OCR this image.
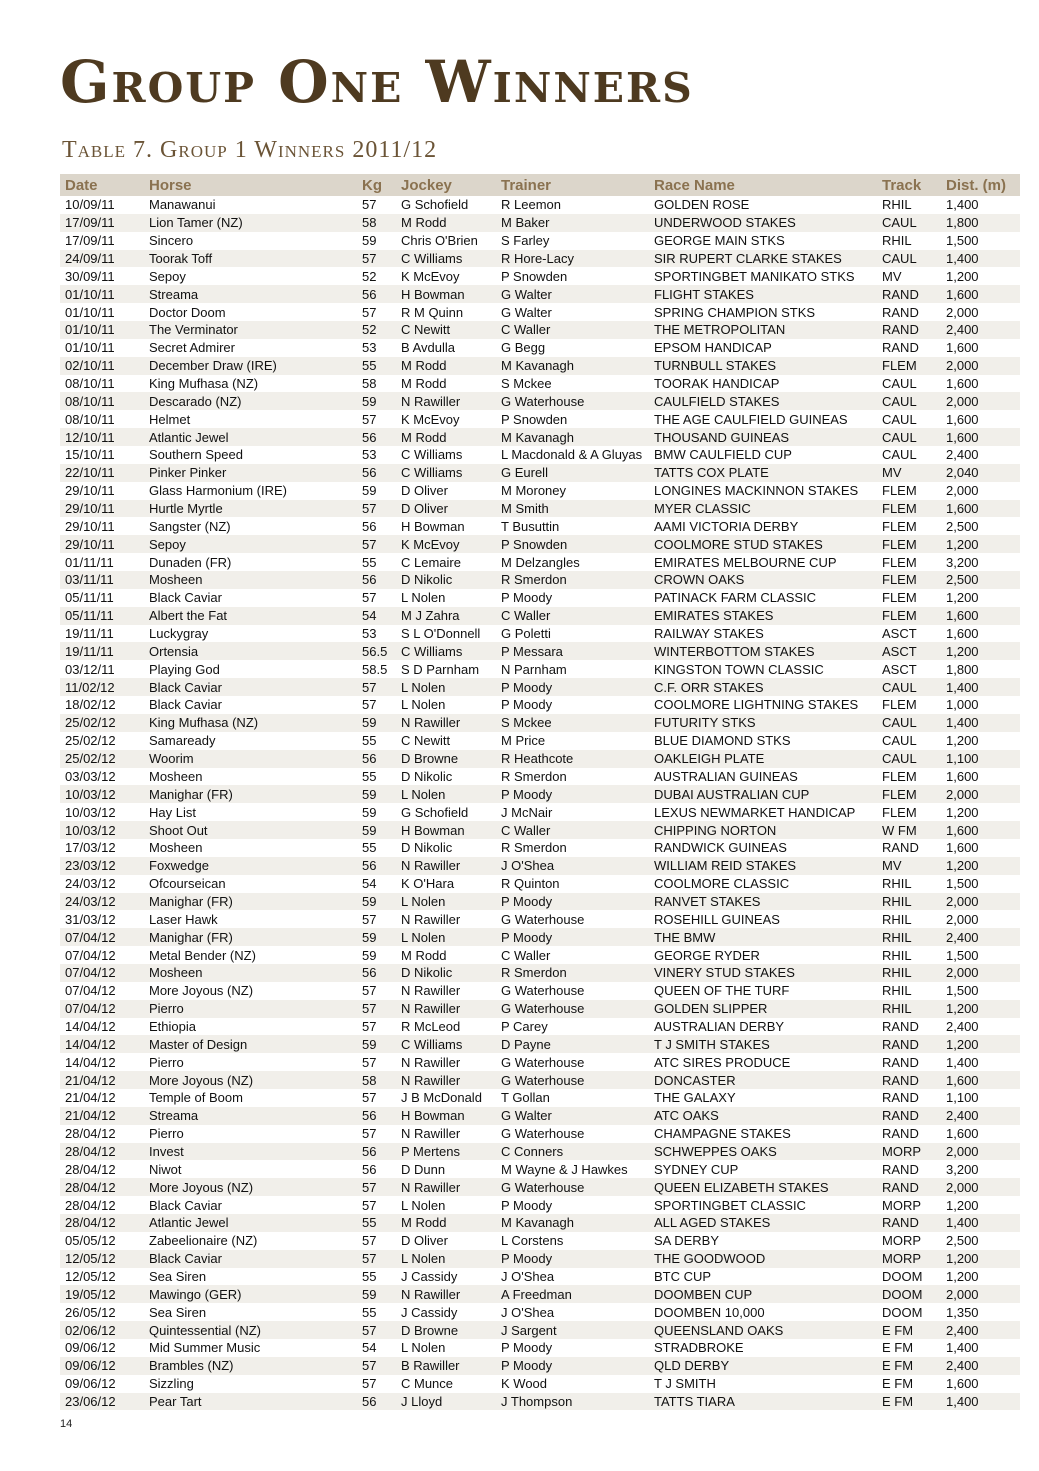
Group One Winners
Table 7. Group 1 Winners 2011/12
Date	Horse	Kg	Jockey	Trainer	Race Name	Track	Dist. (m)
10/09/11	Manawanui	57	G Schofield	R Leemon	GOLDEN ROSE	RHIL	1,400
17/09/11	Lion Tamer (NZ)	58	M Rodd	M Baker	UNDERWOOD STAKES	CAUL	1,800
17/09/11	Sincero	59	Chris O'Brien	S Farley	GEORGE MAIN STKS	RHIL	1,500
24/09/11	Toorak Toff	57	C Williams	R Hore-Lacy	SIR RUPERT CLARKE STAKES	CAUL	1,400
30/09/11	Sepoy	52	K McEvoy	P Snowden	SPORTINGBET MANIKATO STKS	MV	1,200
01/10/11	Streama	56	H Bowman	G Walter	FLIGHT STAKES	RAND	1,600
01/10/11	Doctor Doom	57	R M Quinn	G Walter	SPRING CHAMPION STKS	RAND	2,000
01/10/11	The Verminator	52	C Newitt	C Waller	THE METROPOLITAN	RAND	2,400
01/10/11	Secret Admirer	53	B Avdulla	G Begg	EPSOM HANDICAP	RAND	1,600
02/10/11	December Draw (IRE)	55	M Rodd	M Kavanagh	TURNBULL STAKES	FLEM	2,000
08/10/11	King Mufhasa (NZ)	58	M Rodd	S Mckee	TOORAK HANDICAP	CAUL	1,600
08/10/11	Descarado (NZ)	59	N Rawiller	G Waterhouse	CAULFIELD STAKES	CAUL	2,000
08/10/11	Helmet	57	K McEvoy	P Snowden	THE AGE CAULFIELD GUINEAS	CAUL	1,600
12/10/11	Atlantic Jewel	56	M Rodd	M Kavanagh	THOUSAND GUINEAS	CAUL	1,600
15/10/11	Southern Speed	53	C Williams	L Macdonald & A Gluyas	BMW CAULFIELD CUP	CAUL	2,400
22/10/11	Pinker Pinker	56	C Williams	G Eurell	TATTS COX PLATE	MV	2,040
29/10/11	Glass Harmonium (IRE)	59	D Oliver	M Moroney	LONGINES MACKINNON STAKES	FLEM	2,000
29/10/11	Hurtle Myrtle	57	D Oliver	M Smith	MYER CLASSIC	FLEM	1,600
29/10/11	Sangster (NZ)	56	H Bowman	T Busuttin	AAMI VICTORIA DERBY	FLEM	2,500
29/10/11	Sepoy	57	K McEvoy	P Snowden	COOLMORE STUD STAKES	FLEM	1,200
01/11/11	Dunaden (FR)	55	C Lemaire	M Delzangles	EMIRATES MELBOURNE CUP	FLEM	3,200
03/11/11	Mosheen	56	D Nikolic	R Smerdon	CROWN OAKS	FLEM	2,500
05/11/11	Black Caviar	57	L Nolen	P Moody	PATINACK FARM CLASSIC	FLEM	1,200
05/11/11	Albert the Fat	54	M J Zahra	C Waller	EMIRATES STAKES	FLEM	1,600
19/11/11	Luckygray	53	S L O'Donnell	G Poletti	RAILWAY STAKES	ASCT	1,600
19/11/11	Ortensia	56.5	C Williams	P Messara	WINTERBOTTOM STAKES	ASCT	1,200
03/12/11	Playing God	58.5	S D Parnham	N Parnham	KINGSTON TOWN CLASSIC	ASCT	1,800
11/02/12	Black Caviar	57	L Nolen	P Moody	C.F. ORR STAKES	CAUL	1,400
18/02/12	Black Caviar	57	L Nolen	P Moody	COOLMORE LIGHTNING STAKES	FLEM	1,000
25/02/12	King Mufhasa (NZ)	59	N Rawiller	S Mckee	FUTURITY STKS	CAUL	1,400
25/02/12	Samaready	55	C Newitt	M Price	BLUE DIAMOND STKS	CAUL	1,200
25/02/12	Woorim	56	D Browne	R Heathcote	OAKLEIGH PLATE	CAUL	1,100
03/03/12	Mosheen	55	D Nikolic	R Smerdon	AUSTRALIAN GUINEAS	FLEM	1,600
10/03/12	Manighar (FR)	59	L Nolen	P Moody	DUBAI AUSTRALIAN CUP	FLEM	2,000
10/03/12	Hay List	59	G Schofield	J McNair	LEXUS NEWMARKET HANDICAP	FLEM	1,200
10/03/12	Shoot Out	59	H Bowman	C Waller	CHIPPING NORTON	W FM	1,600
17/03/12	Mosheen	55	D Nikolic	R Smerdon	RANDWICK GUINEAS	RAND	1,600
23/03/12	Foxwedge	56	N Rawiller	J O'Shea	WILLIAM REID STAKES	MV	1,200
24/03/12	Ofcourseican	54	K O'Hara	R Quinton	COOLMORE CLASSIC	RHIL	1,500
24/03/12	Manighar (FR)	59	L Nolen	P Moody	RANVET STAKES	RHIL	2,000
31/03/12	Laser Hawk	57	N Rawiller	G Waterhouse	ROSEHILL GUINEAS	RHIL	2,000
07/04/12	Manighar (FR)	59	L Nolen	P Moody	THE BMW	RHIL	2,400
07/04/12	Metal Bender (NZ)	59	M Rodd	C Waller	GEORGE RYDER	RHIL	1,500
07/04/12	Mosheen	56	D Nikolic	R Smerdon	VINERY STUD STAKES	RHIL	2,000
07/04/12	More Joyous (NZ)	57	N Rawiller	G Waterhouse	QUEEN OF THE TURF	RHIL	1,500
07/04/12	Pierro	57	N Rawiller	G Waterhouse	GOLDEN SLIPPER	RHIL	1,200
14/04/12	Ethiopia	57	R McLeod	P Carey	AUSTRALIAN DERBY	RAND	2,400
14/04/12	Master of Design	59	C Williams	D Payne	T J SMITH STAKES	RAND	1,200
14/04/12	Pierro	57	N Rawiller	G Waterhouse	ATC SIRES PRODUCE	RAND	1,400
21/04/12	More Joyous (NZ)	58	N Rawiller	G Waterhouse	DONCASTER	RAND	1,600
21/04/12	Temple of Boom	57	J B McDonald	T Gollan	THE GALAXY	RAND	1,100
21/04/12	Streama	56	H Bowman	G Walter	ATC OAKS	RAND	2,400
28/04/12	Pierro	57	N Rawiller	G Waterhouse	CHAMPAGNE STAKES	RAND	1,600
28/04/12	Invest	56	P Mertens	C Conners	SCHWEPPES OAKS	MORP	2,000
28/04/12	Niwot	56	D Dunn	M Wayne & J Hawkes	SYDNEY CUP	RAND	3,200
28/04/12	More Joyous (NZ)	57	N Rawiller	G Waterhouse	QUEEN ELIZABETH STAKES	RAND	2,000
28/04/12	Black Caviar	57	L Nolen	P Moody	SPORTINGBET CLASSIC	MORP	1,200
28/04/12	Atlantic Jewel	55	M Rodd	M Kavanagh	ALL AGED STAKES	RAND	1,400
05/05/12	Zabeelionaire (NZ)	57	D Oliver	L Corstens	SA DERBY	MORP	2,500
12/05/12	Black Caviar	57	L Nolen	P Moody	THE GOODWOOD	MORP	1,200
12/05/12	Sea Siren	55	J Cassidy	J O'Shea	BTC CUP	DOOM	1,200
19/05/12	Mawingo (GER)	59	N Rawiller	A Freedman	DOOMBEN CUP	DOOM	2,000
26/05/12	Sea Siren	55	J Cassidy	J O'Shea	DOOMBEN 10,000	DOOM	1,350
02/06/12	Quintessential (NZ)	57	D Browne	J Sargent	QUEENSLAND OAKS	E FM	2,400
09/06/12	Mid Summer Music	54	L Nolen	P Moody	STRADBROKE	E FM	1,400
09/06/12	Brambles (NZ)	57	B Rawiller	P Moody	QLD DERBY	E FM	2,400
09/06/12	Sizzling	57	C Munce	K Wood	T J SMITH	E FM	1,600
23/06/12	Pear Tart	56	J Lloyd	J Thompson	TATTS TIARA	E FM	1,400
14
